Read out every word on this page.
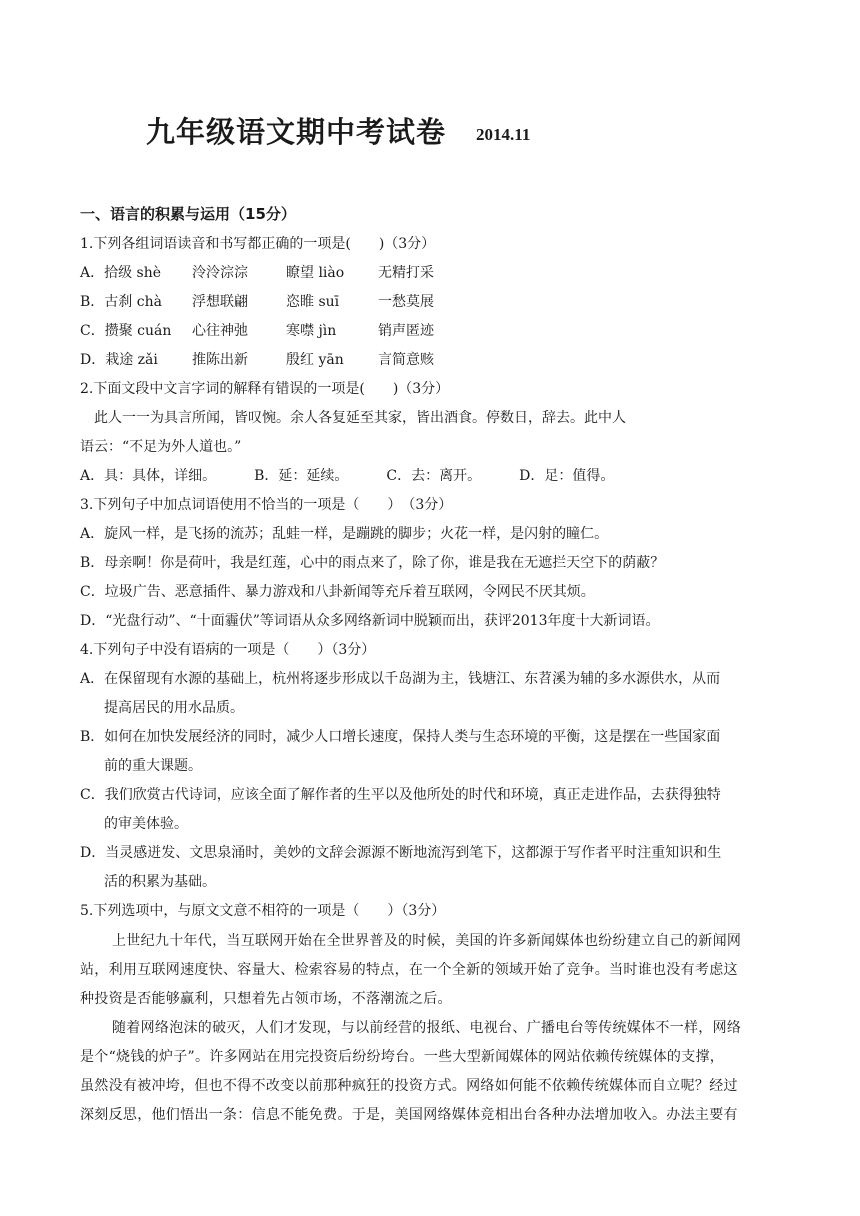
九年级语文期中考试卷 2014.11
一、语言的积累与运用（15分）
1.下列各组词语读音和书写都正确的一项是(　　)（3分）
A．拾级 shè 泠泠淙淙	瞭望 liào 无精打采
B．古刹 chà 浮想联翩	恣睢 suī	一愁莫展
C．攒聚 cuán 心往神弛	寒噤 jìn	销声匿迹
D．栽途 zǎi 推陈出新	殷红 yān 言简意赅
2.下面文段中文言字词的解释有错误的一项是(　　)（3分）
此人一一为具言所闻，皆叹惋。余人各复延至其家，皆出酒食。停数日，辞去。此中人
语云：“不足为外人道也。”
A．具：具体，详细。	B．延：延续。	C．去：离开。	D．足：值得。
3.下列句子中加点词语使用不恰当的一项是（　　）　（3分）
A．旋风一样，是飞扬的流苏；乱蛙一样，是蹦跳的脚步；火花一样，是闪射的瞳仁。
B．母亲啊！你是荷叶，我是红莲，心中的雨点来了，除了你，谁是我在无遮拦天空下的荫蔽？
C．垃圾广告、恶意插件、暴力游戏和八卦新闻等充斥着互联网，令网民不厌其烦。
D．“光盘行动”、“十面霾伏”等词语从众多网络新词中脱颖而出，获评2013年度十大新词语。
4.下列句子中没有语病的一项是（　　）（3分）
A．在保留现有水源的基础上，杭州将逐步形成以千岛湖为主，钱塘江、东苕溪为辅的多水源供水，从而
提高居民的用水品质。
B．如何在加快发展经济的同时，减少人口增长速度，保持人类与生态环境的平衡，这是摆在一些国家面
前的重大课题。
C．我们欣赏古代诗词，应该全面了解作者的生平以及他所处的时代和环境，真正走进作品，去获得独特
的审美体验。
D．当灵感迸发、文思泉涌时，美妙的文辞会源源不断地流泻到笔下，这都源于写作者平时注重知识和生
活的积累为基础。
5.下列选项中，与原文文意不相符的一项是（　　）（3分）
上世纪九十年代，当互联网开始在全世界普及的时候，美国的许多新闻媒体也纷纷建立自己的新闻网
站，利用互联网速度快、容量大、检索容易的特点，在一个全新的领域开始了竞争。当时谁也没有考虑这
种投资是否能够赢利，只想着先占领市场，不落潮流之后。
随着网络泡沫的破灭，人们才发现，与以前经营的报纸、电视台、广播电台等传统媒体不一样，网络
是个“烧钱的炉子”。许多网站在用完投资后纷纷垮台。一些大型新闻媒体的网站依赖传统媒体的支撑，
虽然没有被冲垮，但也不得不改变以前那种疯狂的投资方式。网络如何能不依赖传统媒体而自立呢？经过
深刻反思，他们悟出一条：信息不能免费。于是，美国网络媒体竞相出台各种办法增加收入。办法主要有
